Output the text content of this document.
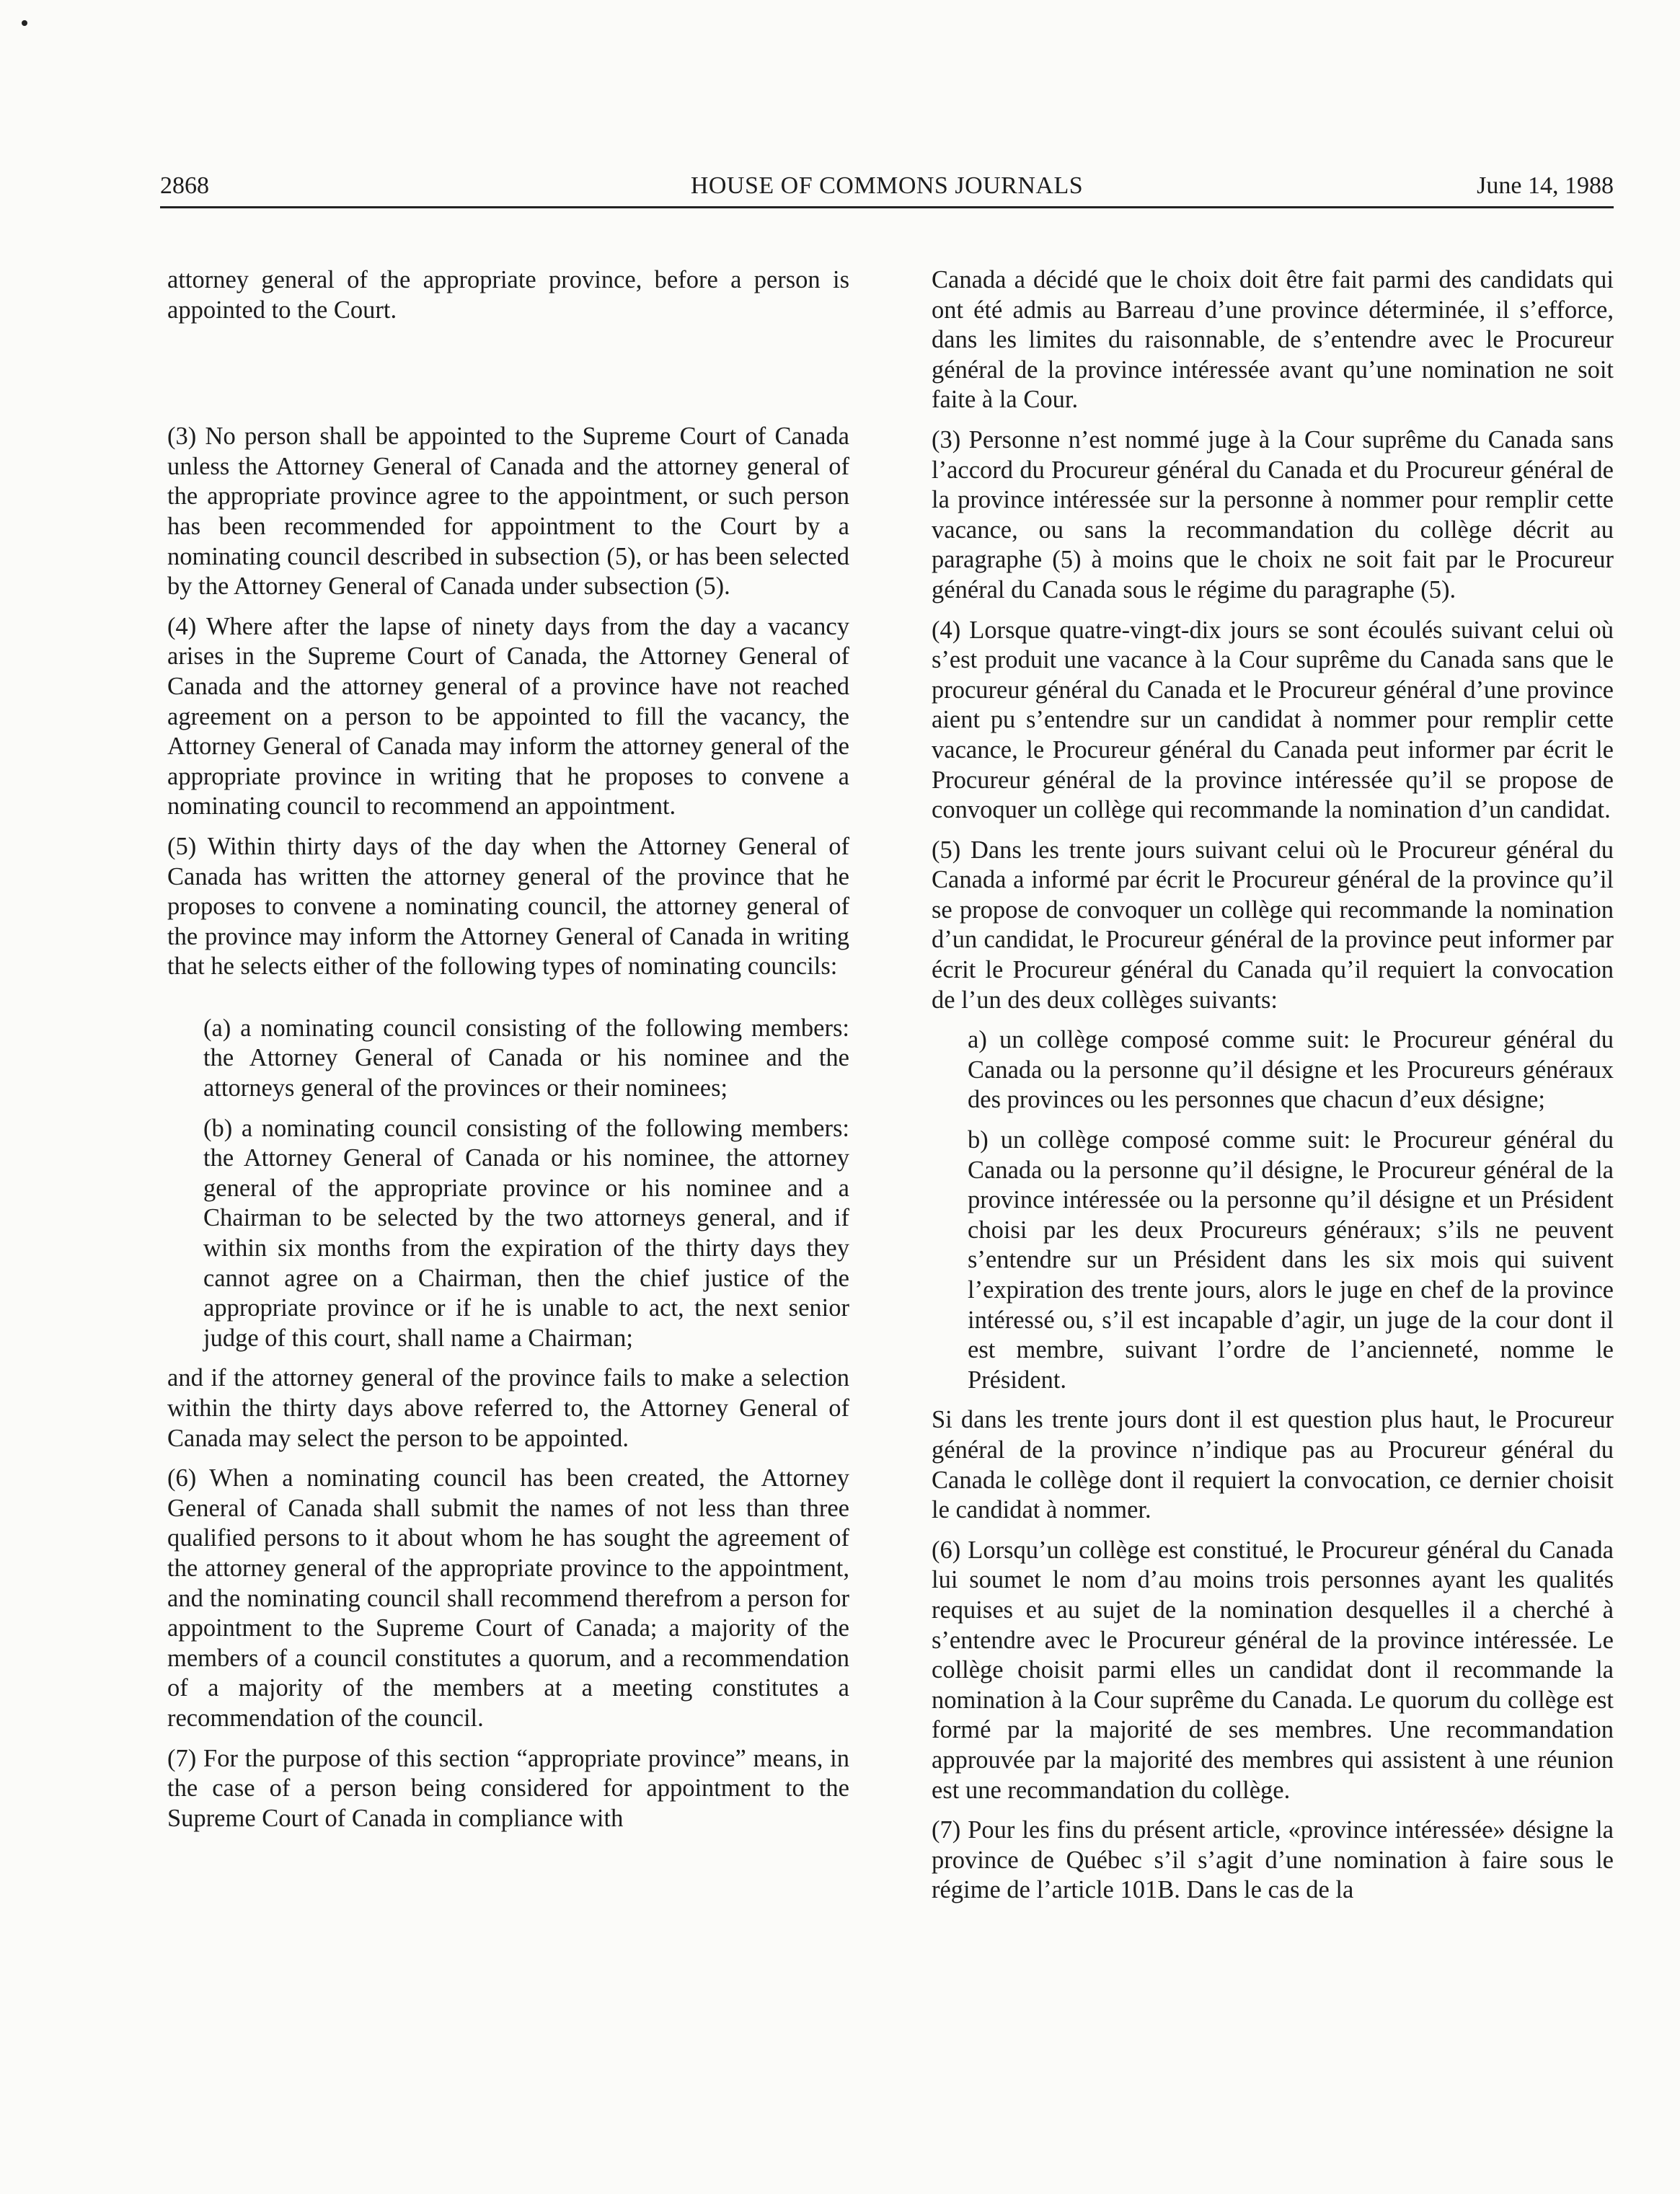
2868	HOUSE OF COMMONS JOURNALS	June 14, 1988

attorney general of the appropriate province, before a person is appointed to the Court.

(3) No person shall be appointed to the Supreme Court of Canada unless the Attorney General of Canada and the attorney general of the appropriate province agree to the appointment, or such person has been recommended for appointment to the Court by a nominating council described in subsection (5), or has been selected by the Attorney General of Canada under subsection (5).

(4) Where after the lapse of ninety days from the day a vacancy arises in the Supreme Court of Canada, the Attorney General of Canada and the attorney general of a province have not reached agreement on a person to be appointed to fill the vacancy, the Attorney General of Canada may inform the attorney general of the appropriate province in writing that he proposes to convene a nominating council to recommend an appointment.

(5) Within thirty days of the day when the Attorney General of Canada has written the attorney general of the province that he proposes to convene a nominating council, the attorney general of the province may inform the Attorney General of Canada in writing that he selects either of the following types of nominating councils:

(a) a nominating council consisting of the following members: the Attorney General of Canada or his nominee and the attorneys general of the provinces or their nominees;

(b) a nominating council consisting of the following members: the Attorney General of Canada or his nominee, the attorney general of the appropriate province or his nominee and a Chairman to be selected by the two attorneys general, and if within six months from the expiration of the thirty days they cannot agree on a Chairman, then the chief justice of the appropriate province or if he is unable to act, the next senior judge of this court, shall name a Chairman;

and if the attorney general of the province fails to make a selection within the thirty days above referred to, the Attorney General of Canada may select the person to be appointed.

(6) When a nominating council has been created, the Attorney General of Canada shall submit the names of not less than three qualified persons to it about whom he has sought the agreement of the attorney general of the appropriate province to the appointment, and the nominating council shall recommend therefrom a person for appointment to the Supreme Court of Canada; a majority of the members of a council constitutes a quorum, and a recommendation of a majority of the members at a meeting constitutes a recommendation of the council.

(7) For the purpose of this section “appropriate province” means, in the case of a person being considered for appointment to the Supreme Court of Canada in compliance with

Canada a décidé que le choix doit être fait parmi des candidats qui ont été admis au Barreau d’une province déterminée, il s’efforce, dans les limites du raisonnable, de s’entendre avec le Procureur général de la province intéressée avant qu’une nomination ne soit faite à la Cour.

(3) Personne n’est nommé juge à la Cour suprême du Canada sans l’accord du Procureur général du Canada et du Procureur général de la province intéressée sur la personne à nommer pour remplir cette vacance, ou sans la recommandation du collège décrit au paragraphe (5) à moins que le choix ne soit fait par le Procureur général du Canada sous le régime du paragraphe (5).

(4) Lorsque quatre-vingt-dix jours se sont écoulés suivant celui où s’est produit une vacance à la Cour suprême du Canada sans que le procureur général du Canada et le Procureur général d’une province aient pu s’entendre sur un candidat à nommer pour remplir cette vacance, le Procureur général du Canada peut informer par écrit le Procureur général de la province intéressée qu’il se propose de convoquer un collège qui recommande la nomination d’un candidat.

(5) Dans les trente jours suivant celui où le Procureur général du Canada a informé par écrit le Procureur général de la province qu’il se propose de convoquer un collège qui recommande la nomination d’un candidat, le Procureur général de la province peut informer par écrit le Procureur général du Canada qu’il requiert la convocation de l’un des deux collèges suivants:

a) un collège composé comme suit: le Procureur général du Canada ou la personne qu’il désigne et les Procureurs généraux des provinces ou les personnes que chacun d’eux désigne;

b) un collège composé comme suit: le Procureur général du Canada ou la personne qu’il désigne, le Procureur général de la province intéressée ou la personne qu’il désigne et un Président choisi par les deux Procureurs généraux; s’ils ne peuvent s’entendre sur un Président dans les six mois qui suivent l’expiration des trente jours, alors le juge en chef de la province intéressé ou, s’il est incapable d’agir, un juge de la cour dont il est membre, suivant l’ordre de l’ancienneté, nomme le Président.

Si dans les trente jours dont il est question plus haut, le Procureur général de la province n’indique pas au Procureur général du Canada le collège dont il requiert la convocation, ce dernier choisit le candidat à nommer.

(6) Lorsqu’un collège est constitué, le Procureur général du Canada lui soumet le nom d’au moins trois personnes ayant les qualités requises et au sujet de la nomination desquelles il a cherché à s’entendre avec le Procureur général de la province intéressée. Le collège choisit parmi elles un candidat dont il recommande la nomination à la Cour suprême du Canada. Le quorum du collège est formé par la majorité de ses membres. Une recommandation approuvée par la majorité des membres qui assistent à une réunion est une recommandation du collège.

(7) Pour les fins du présent article, «province intéressée» désigne la province de Québec s’il s’agit d’une nomination à faire sous le régime de l’article 101B. Dans le cas de la
